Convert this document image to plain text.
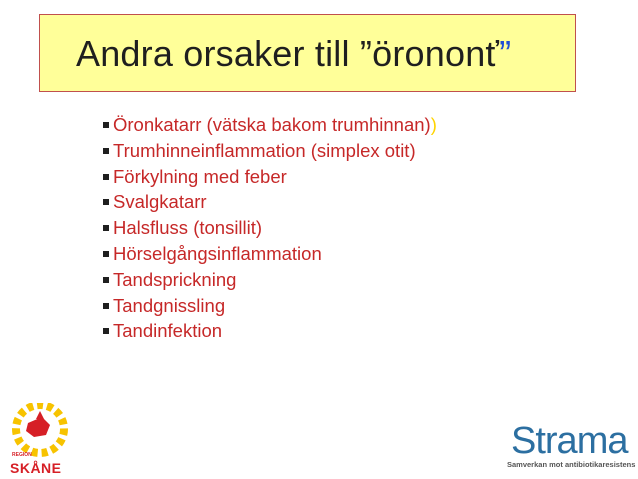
Andra orsaker till ”örononť”
Öronkatarr (vätska bakom trumhinnan))
Trumhinneinflammation (simplex otit)
Förkylning med feber
Svalgkatarr
Halsfluss (tonsillit)
Hörselgångsinflammation
Tandsprickning
Tandgnissling
Tandinfektion
REGION
SKÅNE
Strama
Samverkan mot antibiotikaresistens
